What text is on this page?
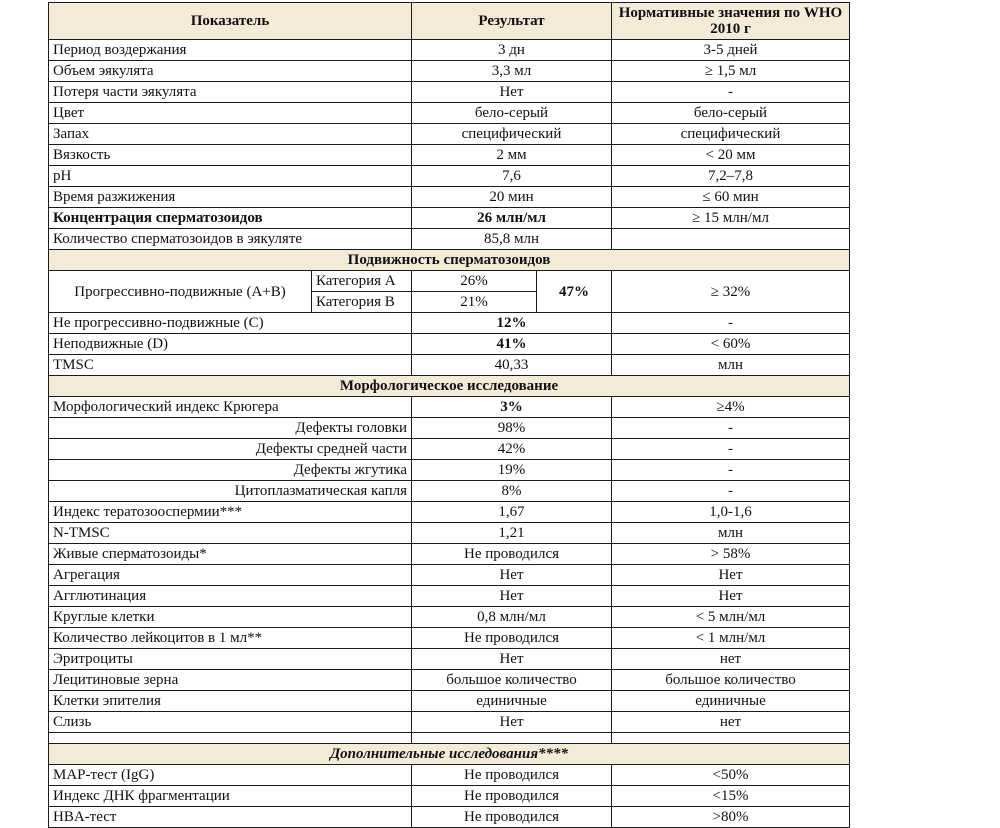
Показатель		Результат		Нормативные значения по WHO 2010 г
Период воздержания		3 дн		3-5 дней
Объем эякулята		3,3 мл		≥ 1,5 мл
Потеря части эякулята		Нет		-
Цвет		бело-серый		бело-серый
Запах		специфический		специфический
Вязкость		2 мм		< 20 мм
pH		7,6		7,2–7,8
Время разжижения		20 мин		≤ 60 мин
Концентрация сперматозоидов		26 млн/мл		≥ 15 млн/мл
Количество сперматозоидов в эякуляте		85,8 млн		
Подвижность сперматозоидов				
Прогрессивно-подвижные (A+B)	Категория A	26%	47%	≥ 32%
	Категория B	21%		
Не прогрессивно-подвижные (C)		12%		-
Неподвижные (D)		41%		< 60%
TMSC		40,33		млн
Морфологическое исследование				
Морфологический индекс Крюгера		3%		≥4%
Дефекты головки		98%		-
Дефекты средней части		42%		-
Дефекты жгутика		19%		-
Цитоплазматическая капля		8%		-
Индекс тератозооспермии***		1,67		1,0-1,6
N-TMSC		1,21		млн
Живые сперматозоиды*		Не проводился		> 58%
Агрегация		Нет		Нет
Агглютинация		Нет		Нет
Круглые клетки		0,8 млн/мл		< 5 млн/мл
Количество лейкоцитов в 1 мл**		Не проводился		< 1 млн/мл
Эритроциты		Нет		нет
Лецитиновые зерна		большое количество		большое количество
Клетки эпителия		единичные		единичные
Слизь		Нет		нет

Дополнительные исследования****				
MAP-тест (IgG)		Не проводился		<50%
Индекс ДНК фрагментации		Не проводился		<15%
HBA-тест		Не проводился		>80%
